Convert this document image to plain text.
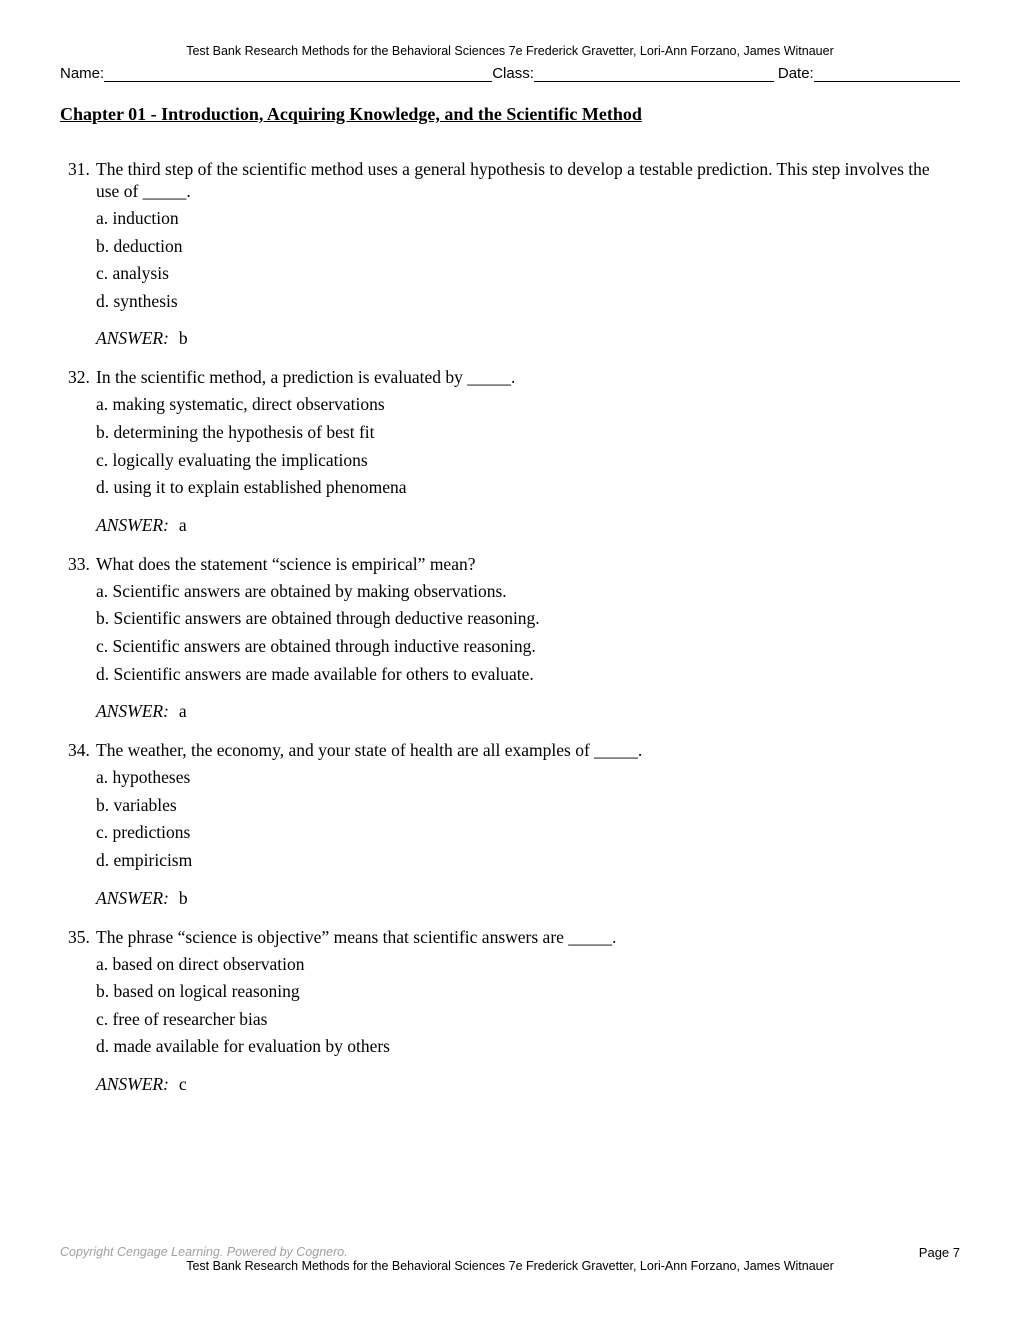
Test Bank Research Methods for the Behavioral Sciences 7e Frederick Gravetter, Lori-Ann Forzano, James Witnauer
Name:	Class:	Date:
Chapter 01 - Introduction, Acquiring Knowledge, and the Scientific Method
31. The third step of the scientific method uses a general hypothesis to develop a testable prediction. This step involves the use of _____.
a. induction
b. deduction
c. analysis
d. synthesis
ANSWER: b
32. In the scientific method, a prediction is evaluated by _____.
a. making systematic, direct observations
b. determining the hypothesis of best fit
c. logically evaluating the implications
d. using it to explain established phenomena
ANSWER: a
33. What does the statement “science is empirical” mean?
a. Scientific answers are obtained by making observations.
b. Scientific answers are obtained through deductive reasoning.
c. Scientific answers are obtained through inductive reasoning.
d. Scientific answers are made available for others to evaluate.
ANSWER: a
34. The weather, the economy, and your state of health are all examples of _____.
a. hypotheses
b. variables
c. predictions
d. empiricism
ANSWER: b
35. The phrase “science is objective” means that scientific answers are _____.
a. based on direct observation
b. based on logical reasoning
c. free of researcher bias
d. made available for evaluation by others
ANSWER: c
Copyright Cengage Learning. Powered by Cognero.	Page 7
Test Bank Research Methods for the Behavioral Sciences 7e Frederick Gravetter, Lori-Ann Forzano, James Witnauer
